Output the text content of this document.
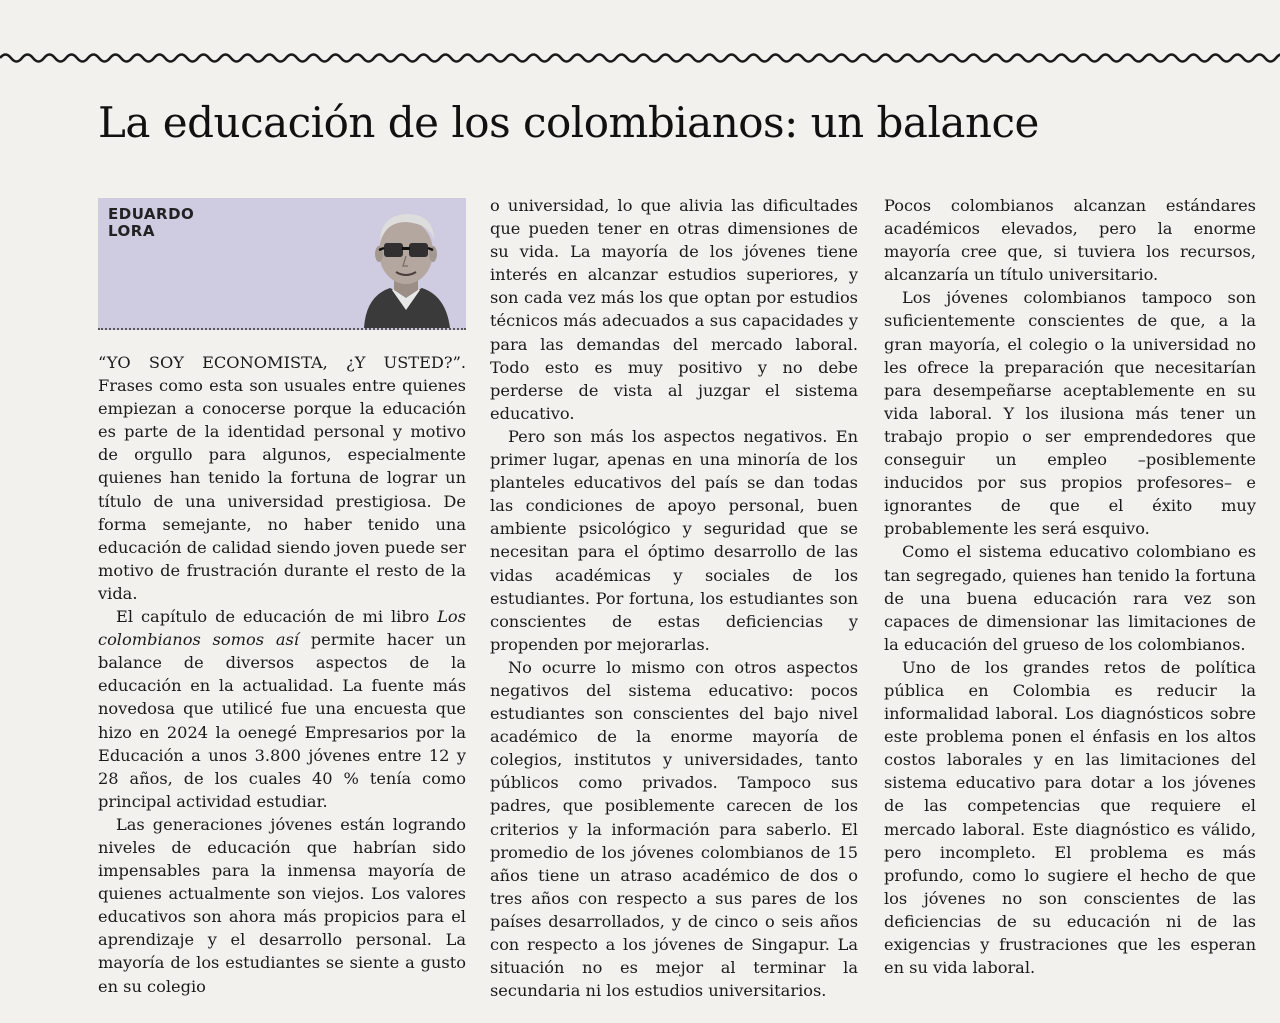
La educación de los colombianos: un balance
EDUARDO
LORA

“YO SOY ECONOMISTA, ¿Y USTED?”. Frases como esta son usuales entre quienes empiezan a conocerse porque la educación es parte de la identidad personal y motivo de orgullo para algunos, especialmente quienes han tenido la fortuna de lograr un título de una universidad prestigiosa. De forma semejante, no haber tenido una educación de calidad siendo joven puede ser motivo de frustración durante el resto de la vida.

El capítulo de educación de mi libro Los colombianos somos así permite hacer un balance de diversos aspectos de la educación en la actualidad. La fuente más novedosa que utilicé fue una encuesta que hizo en 2024 la oenegé Empresarios por la Educación a unos 3.800 jóvenes entre 12 y 28 años, de los cuales 40 % tenía como principal actividad estudiar.

Las generaciones jóvenes están logrando niveles de educación que habrían sido impensables para la inmensa mayoría de quienes actualmente son viejos. Los valores educativos son ahora más propicios para el aprendizaje y el desarrollo personal. La mayoría de los estudiantes se siente a gusto en su colegio

o universidad, lo que alivia las dificultades que pueden tener en otras dimensiones de su vida. La mayoría de los jóvenes tiene interés en alcanzar estudios superiores, y son cada vez más los que optan por estudios técnicos más adecuados a sus capacidades y para las demandas del mercado laboral. Todo esto es muy positivo y no debe perderse de vista al juzgar el sistema educativo.

Pero son más los aspectos negativos. En primer lugar, apenas en una minoría de los planteles educativos del país se dan todas las condiciones de apoyo personal, buen ambiente psicológico y seguridad que se necesitan para el óptimo desarrollo de las vidas académicas y sociales de los estudiantes. Por fortuna, los estudiantes son conscientes de estas deficiencias y propenden por mejorarlas.

No ocurre lo mismo con otros aspectos negativos del sistema educativo: pocos estudiantes son conscientes del bajo nivel académico de la enorme mayoría de colegios, institutos y universidades, tanto públicos como privados. Tampoco sus padres, que posiblemente carecen de los criterios y la información para saberlo. El promedio de los jóvenes colombianos de 15 años tiene un atraso académico de dos o tres años con respecto a sus pares de los países desarrollados, y de cinco o seis años con respecto a los jóvenes de Singapur. La situación no es mejor al terminar la secundaria ni los estudios universitarios.

Pocos colombianos alcanzan estándares académicos elevados, pero la enorme mayoría cree que, si tuviera los recursos, alcanzaría un título universitario.

Los jóvenes colombianos tampoco son suficientemente conscientes de que, a la gran mayoría, el colegio o la universidad no les ofrece la preparación que necesitarían para desempeñarse aceptablemente en su vida laboral. Y los ilusiona más tener un trabajo propio o ser emprendedores que conseguir un empleo –posiblemente inducidos por sus propios profesores– e ignorantes de que el éxito muy probablemente les será esquivo.

Como el sistema educativo colombiano es tan segregado, quienes han tenido la fortuna de una buena educación rara vez son capaces de dimensionar las limitaciones de la educación del grueso de los colombianos.

Uno de los grandes retos de política pública en Colombia es reducir la informalidad laboral. Los diagnósticos sobre este problema ponen el énfasis en los altos costos laborales y en las limitaciones del sistema educativo para dotar a los jóvenes de las competencias que requiere el mercado laboral. Este diagnóstico es válido, pero incompleto. El problema es más profundo, como lo sugiere el hecho de que los jóvenes no son conscientes de las deficiencias de su educación ni de las exigencias y frustraciones que les esperan en su vida laboral.
